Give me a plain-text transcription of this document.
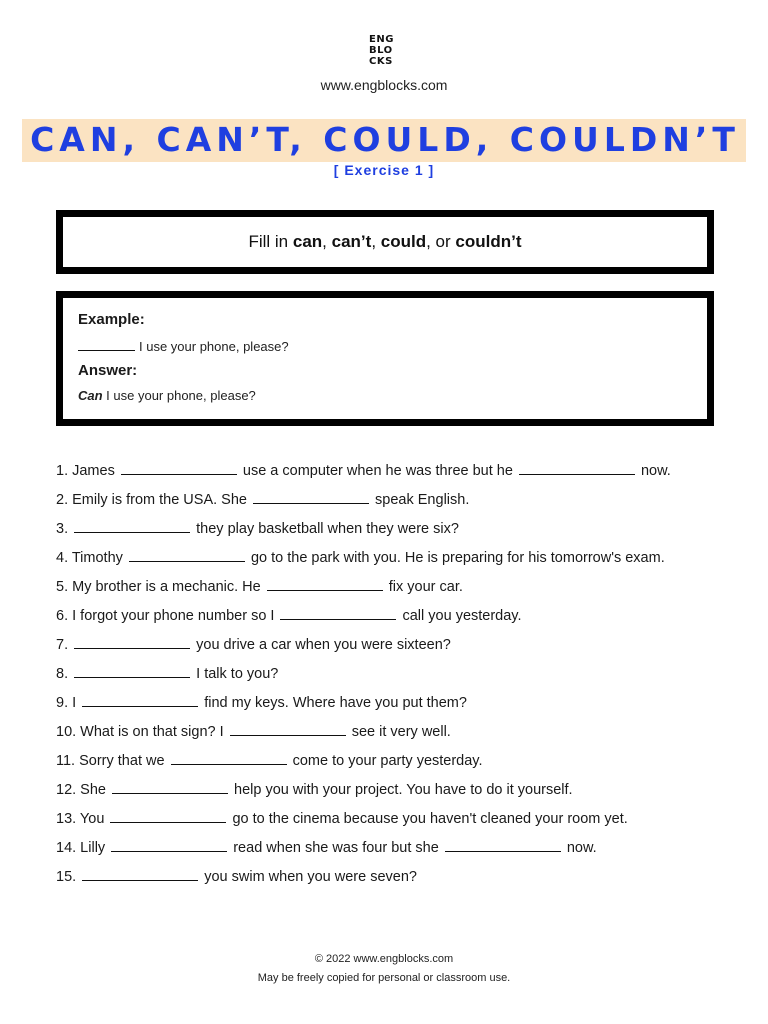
ENG
BLO
CKS
www.engblocks.com
CAN, CAN’T, COULD, COULDN’T
[ Exercise 1 ]
Fill in can, can’t, could, or couldn’t
Example:
I use your phone, please?
Answer:
Can I use your phone, please?
1. James	use a computer when he was three but he	now.
2. Emily is from the USA. She	speak English.
3.	they play basketball when they were six?
4. Timothy	go to the park with you. He is preparing for his tomorrow's exam.
5. My brother is a mechanic. He	fix your car.
6. I forgot your phone number so I	call you yesterday.
7.	you drive a car when you were sixteen?
8.	I talk to you?
9. I	find my keys. Where have you put them?
10. What is on that sign? I	see it very well.
11. Sorry that we	come to your party yesterday.
12. She	help you with your project. You have to do it yourself.
13. You	go to the cinema because you haven't cleaned your room yet.
14. Lilly	read when she was four but she	now.
15.	you swim when you were seven?
© 2022 www.engblocks.com
May be freely copied for personal or classroom use.
